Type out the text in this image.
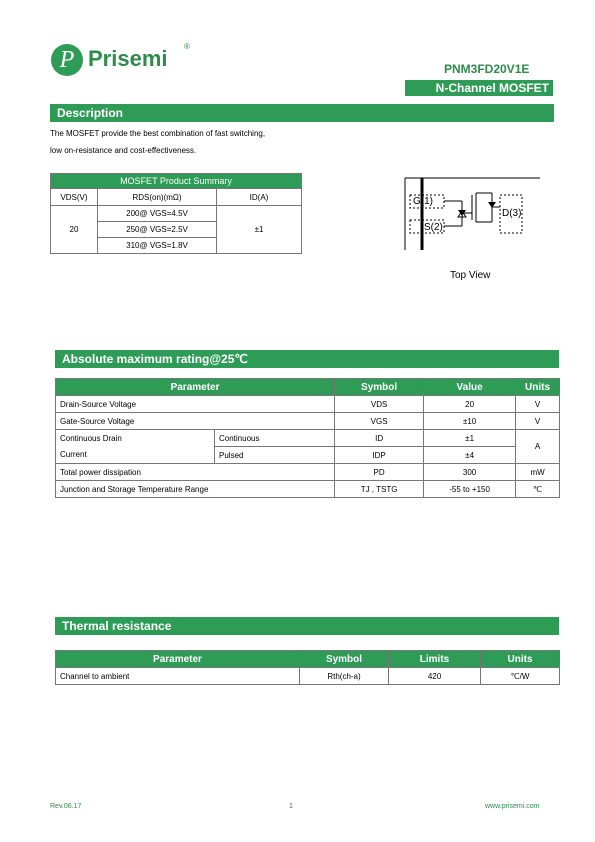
P Prisemi ®
PNM3FD20V1E
N-Channel MOSFET
Description
The MOSFET provide the best combination of fast switching,
low on-resistance and cost-effectiveness.
MOSFET Product Summary		
VDS(V)	RDS(on)(mΩ)	ID(A)
20	200@ VGS=4.5V	±1
	250@ VGS=2.5V	
	310@ VGS=1.8V	
G(1)
S(2)
D(3)
Top View
Absolute maximum rating@25℃
Parameter		Symbol	Value	Units
Drain-Source Voltage		VDS	20	V
Gate-Source Voltage		VGS	±10	V

Continuous Drain
Current	Continuous	ID	±1	A
	Pulsed	IDP	±4	
Total power dissipation		PD	300	mW
Junction and Storage Temperature Range		TJ , TSTG	-55 to +150	℃
Thermal resistance
Parameter	Symbol	Limits	Units
Channel to ambient	Rth(ch-a)	420	℃/W
Rev.06.17	1	www.prisemi.com
